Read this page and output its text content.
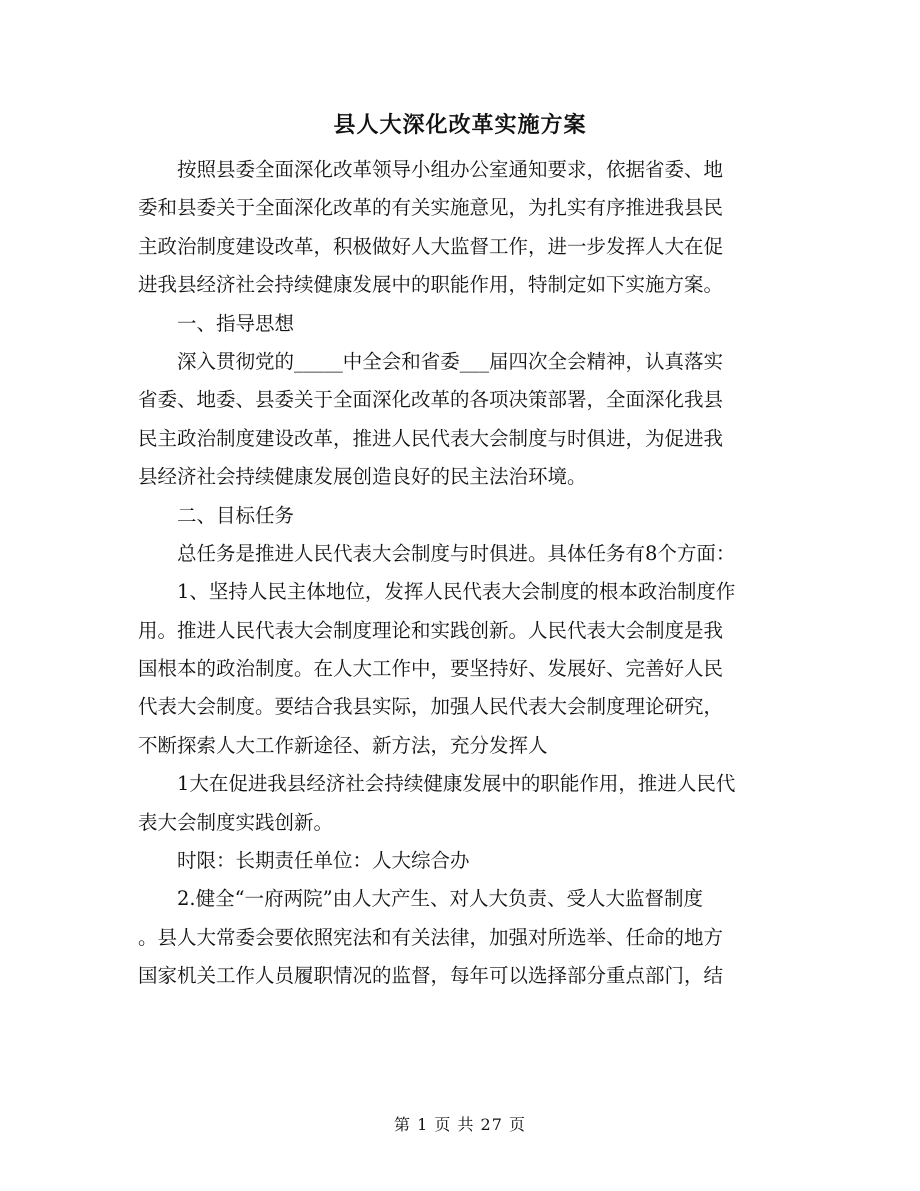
县人大深化改革实施方案
　　按照县委全面深化改革领导小组办公室通知要求，依据省委、地
委和县委关于全面深化改革的有关实施意见，为扎实有序推进我县民
主政治制度建设改革，积极做好人大监督工作，进一步发挥人大在促
进我县经济社会持续健康发展中的职能作用，特制定如下实施方案。
　　一、指导思想
　　深入贯彻党的_____中全会和省委___届四次全会精神，认真落实
省委、地委、县委关于全面深化改革的各项决策部署，全面深化我县
民主政治制度建设改革，推进人民代表大会制度与时俱进，为促进我
县经济社会持续健康发展创造良好的民主法治环境。
　　二、目标任务
　　总任务是推进人民代表大会制度与时俱进。具体任务有8个方面：
　　1、坚持人民主体地位，发挥人民代表大会制度的根本政治制度作
用。推进人民代表大会制度理论和实践创新。人民代表大会制度是我
国根本的政治制度。在人大工作中，要坚持好、发展好、完善好人民
代表大会制度。要结合我县实际，加强人民代表大会制度理论研究，
不断探索人大工作新途径、新方法，充分发挥人
　　1大在促进我县经济社会持续健康发展中的职能作用，推进人民代
表大会制度实践创新。
　　时限：长期责任单位：人大综合办
　　2.健全“一府两院”由人大产生、对人大负责、受人大监督制度
。县人大常委会要依照宪法和有关法律，加强对所选举、任命的地方
国家机关工作人员履职情况的监督，每年可以选择部分重点部门，结
第 1 页 共 27 页
